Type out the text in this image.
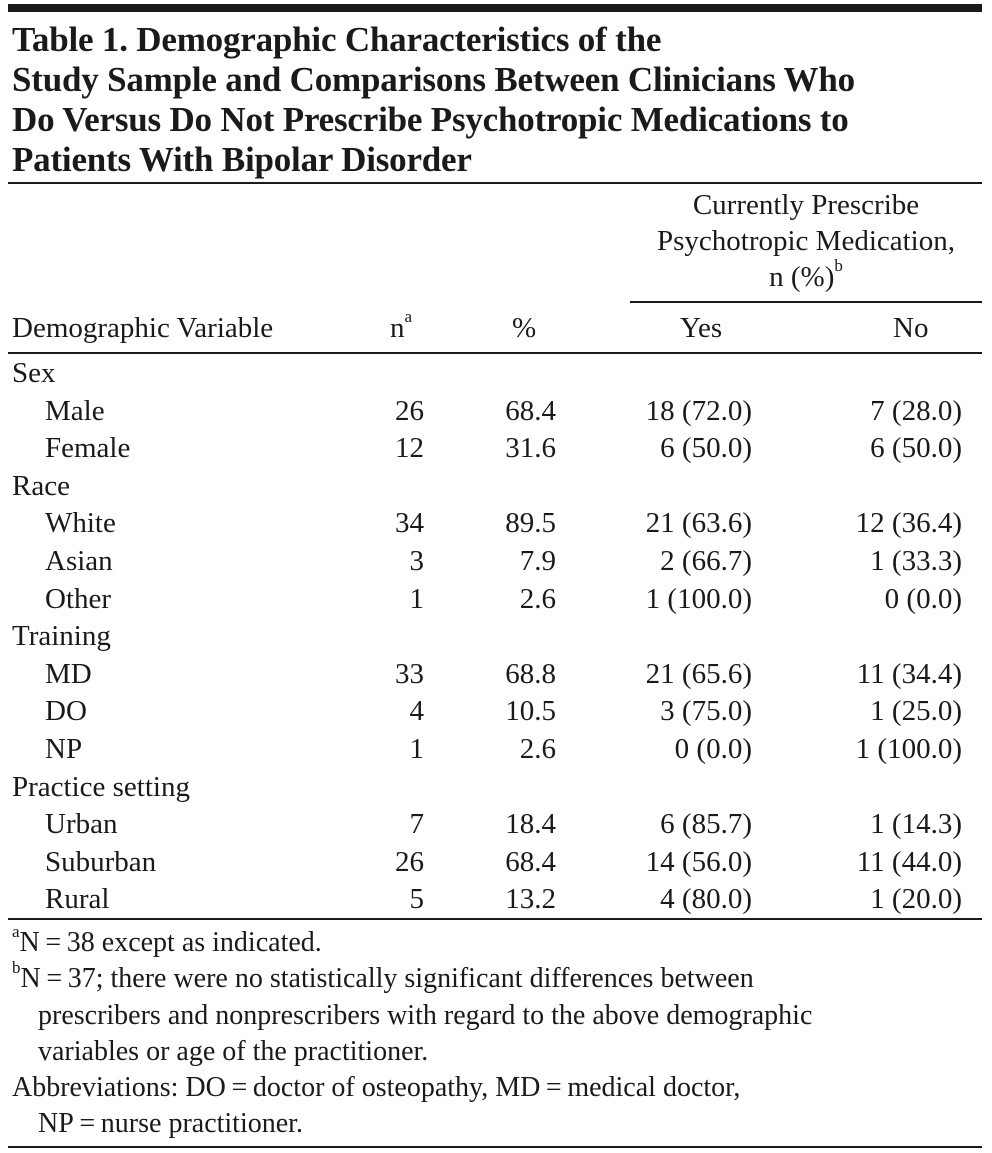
Table 1. Demographic Characteristics of the
Study Sample and Comparisons Between Clinicians Who
Do Versus Do Not Prescribe Psychotropic Medications to
Patients With Bipolar Disorder
Currently Prescribe
Psychotropic Medication,
n (%)$^b$
Demographic Variable	$n^a$	%	Yes	No
Sex
Male	26	68.4	18 (72.0)	7 (28.0)
Female	12	31.6	6 (50.0)	6 (50.0)
Race
White	34	89.5	21 (63.6)	12 (36.4)
Asian	3	7.9	2 (66.7)	1 (33.3)
Other	1	2.6	1 (100.0)	0 (0.0)
Training
MD	33	68.8	21 (65.6)	11 (34.4)
DO	4	10.5	3 (75.0)	1 (25.0)
NP	1	2.6	0 (0.0)	1 (100.0)
Practice setting
Urban	7	18.4	6 (85.7)	1 (14.3)
Suburban	26	68.4	14 (56.0)	11 (44.0)
Rural	5	13.2	4 (80.0)	1 (20.0)
$^a$N = 38 except as indicated.
$^b$N = 37; there were no statistically significant differences between
prescribers and nonprescribers with regard to the above demographic
variables or age of the practitioner.
Abbreviations: DO = doctor of osteopathy, MD = medical doctor,
NP = nurse practitioner.
